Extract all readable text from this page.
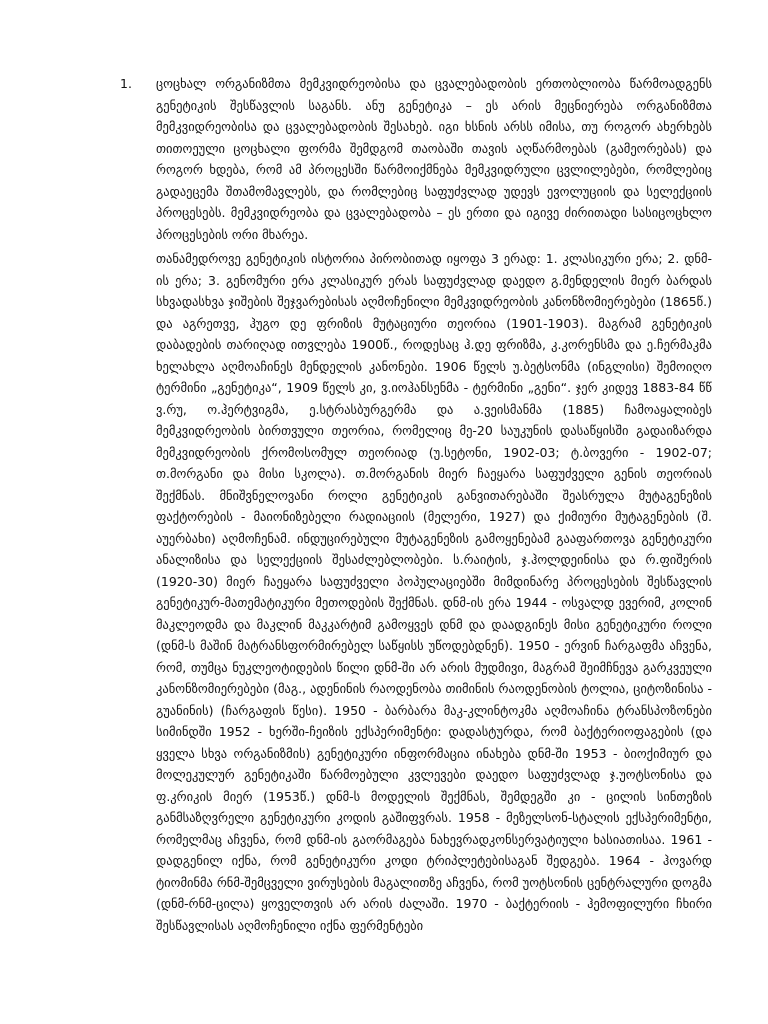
1. ცოცხალ ორგანიზმთა მემკვიდრეობისა და ცვალებადობის ერთობლიობა წარმოადგენს გენეტიკის შესწავლის საგანს. ანუ გენეტიკა – ეს არის მეცნიერება ორგანიზმთა მემკვიდრეობისა და ცვალებადობის შესახებ. იგი ხსნის არსს იმისა, თუ როგორ ახერხებს თითოეული ცოცხალი ფორმა შემდგომ თაობაში თავის აღწარმოებას (გამეორებას) და როგორ ხდება, რომ ამ პროცესში წარმოიქმნება მემკვიდრული ცვლილებები, რომლებიც გადაეცემა შთამომავლებს, და რომლებიც საფუძვლად უდევს ევოლუციის და სელექციის პროცესებს. მემკვიდრეობა და ცვალებადობა – ეს ერთი და იგივე ძირითადი სასიცოცხლო პროცესების ორი მხარეა.

თანამედროვე გენეტიკის ისტორია პირობითად იყოფა 3 ერად: 1. კლასიკური ერა; 2. დნმ-ის ერა; 3. გენომური ერა კლასიკურ ერას საფუძვლად დაედო გ.მენდელის მიერ ბარდას სხვადასხვა ჯიშების შეჯვარებისას აღმოჩენილი მემკვიდრეობის კანონზომიერებები (1865წ.) და აგრეთვე, ჰუგო დე ფრიზის მუტაციური თეორია (1901-1903). მაგრამ გენეტიკის დაბადების თარიღად ითვლება 1900წ., როდესაც ჰ.დე ფრიზმა, კ.კორენსმა და ე.ჩერმაკმა ხელახლა აღმოაჩინეს მენდელის კანონები. 1906 წელს უ.ბეტსონმა (ინგლისი) შემოიღო ტერმინი „გენეტიკა“, 1909 წელს კი, ვ.იოჰანსენმა - ტერმინი „გენი“. ჯერ კიდევ 1883-84 წწ ვ.რუ, ო.ჰერტვიგმა, ე.სტრასბურგერმა და ა.ვეისმანმა (1885) ჩამოაყალიბეს მემკვიდრეობის ბირთვული თეორია, რომელიც მე-20 საუკუნის დასაწყისში გადაიზარდა მემკვიდრეობის ქრომოსომულ თეორიად (უ.სეტონი, 1902-03; ტ.ბოვერი - 1902-07; თ.მორგანი და მისი სკოლა). თ.მორგანის მიერ ჩაეყარა საფუძველი გენის თეორიას შექმნას. მნიშვნელოვანი როლი გენეტიკის განვითარებაში შეასრულა მუტაგენეზის ფაქტორების - მაიონიზებელი რადიაციის (მელერი, 1927) და ქიმიური მუტაგენების (შ. აუერბახი) აღმოჩენამ. ინდუცირებული მუტაგენეზის გამოყენებამ გააფართოვა გენეტიკური ანალიზისა და სელექციის შესაძლებლობები. ს.რაიტის, ჯ.ჰოლდეინისა და რ.ფიშერის (1920-30) მიერ ჩაეყარა საფუძველი პოპულაციებში მიმდინარე პროცესების შესწავლის გენეტიკურ-მათემატიკური მეთოდების შექმნას. დნმ-ის ერა 1944 - ოსვალდ ევერიმ, კოლინ მაკლეოდმა და მაკლინ მაკკარტიმ გამოყვეს დნმ და დაადგინეს მისი გენეტიკური როლი (დნმ-ს მაშინ მატრანსფორმირებელ საწყისს უწოდებდნენ). 1950 - ერვინ ჩარგაფმა აჩვენა, რომ, თუმცა ნუკლეოტიდების წილი დნმ-ში არ არის მუდმივი, მაგრამ შეიმჩნევა გარკვეული კანონზომიერებები (მაგ., ადენინის რაოდენობა თიმინის რაოდენობის ტოლია, ციტოზინისა - გუანინის) (ჩარგაფის წესი). 1950 - ბარბარა მაკ-კლინტოკმა აღმოაჩინა ტრანსპოზონები სიმინდში 1952 - ხერში-ჩეიზის ექსპერიმენტი: დადასტურდა, რომ ბაქტერიოფაგების (და ყველა სხვა ორგანიზმის) გენეტიკური ინფორმაცია ინახება დნმ-ში 1953 - ბიოქიმიურ და მოლეკულურ გენეტიკაში წარმოებული კვლევები დაედო საფუძვლად ჯ.უოტსონისა და ფ.კრიკის მიერ (1953წ.) დნმ-ს მოდელის შექმნას, შემდეგში კი - ცილის სინთეზის განმსაზღვრელი გენეტიკური კოდის გაშიფვრას. 1958 - მეზელსონ-სტალის ექსპერიმენტი, რომელმაც აჩვენა, რომ დნმ-ის გაორმაგება ნახევრადკონსერვატიული ხასიათისაა. 1961 - დადგენილ იქნა, რომ გენეტიკური კოდი ტრიპლეტებისაგან შედგება. 1964 - ჰოვარდ ტიომინმა რნმ-შემცველი ვირუსების მაგალითზე აჩვენა, რომ უოტსონის ცენტრალური დოგმა (დნმ-რნმ-ცილა) ყოველთვის არ არის ძალაში. 1970 - ბაქტერიის - ჰემოფილური ჩხირი შესწავლისას აღმოჩენილი იქნა ფერმენტები
